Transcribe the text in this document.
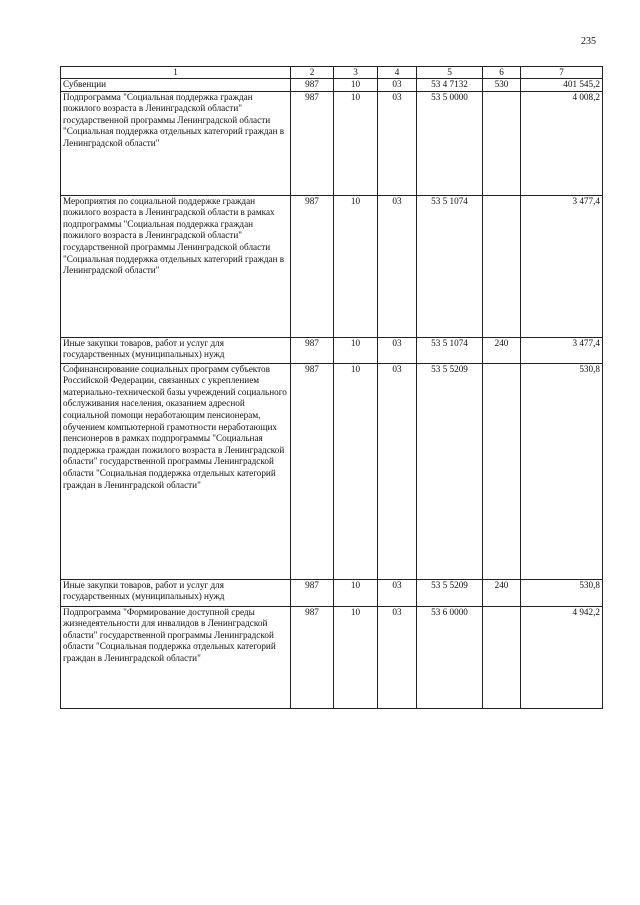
235
1	2	3	4	5	6	7
Субвенции	987	10	03	53 4 7132	530	401 545,2
Подпрограмма "Социальная поддержка граждан пожилого возраста в Ленинградской области" государственной программы Ленинградской области "Социальная поддержка отдельных категорий граждан в Ленинградской области"	987	10	03	53 5 0000		4 008,2
Мероприятия по социальной поддержке граждан пожилого возраста в Ленинградской области в рамках подпрограммы "Социальная поддержка граждан пожилого возраста в Ленинградской области" государственной программы Ленинградской области "Социальная поддержка отдельных категорий граждан в Ленинградской области"	987	10	03	53 5 1074		3 477,4
Иные закупки товаров, работ и услуг для государственных (муниципальных) нужд	987	10	03	53 5 1074	240	3 477,4
Софинансирование социальных программ субъектов Российской Федерации, связанных с укреплением материально-технической базы учреждений социального обслуживания населения, оказанием адресной социальной помощи неработающим пенсионерам, обучением компьютерной грамотности неработающих пенсионеров в рамках подпрограммы "Социальная поддержка граждан пожилого возраста в Ленинградской области" государственной программы Ленинградской области "Социальная поддержка отдельных категорий граждан в Ленинградской области"	987	10	03	53 5 5209		530,8
Иные закупки товаров, работ и услуг для государственных (муниципальных) нужд	987	10	03	53 5 5209	240	530,8
Подпрограмма "Формирование доступной среды жизнедеятельности для инвалидов в Ленинградской области" государственной программы Ленинградской области "Социальная поддержка отдельных категорий граждан в Ленинградской области"	987	10	03	53 6 0000		4 942,2
